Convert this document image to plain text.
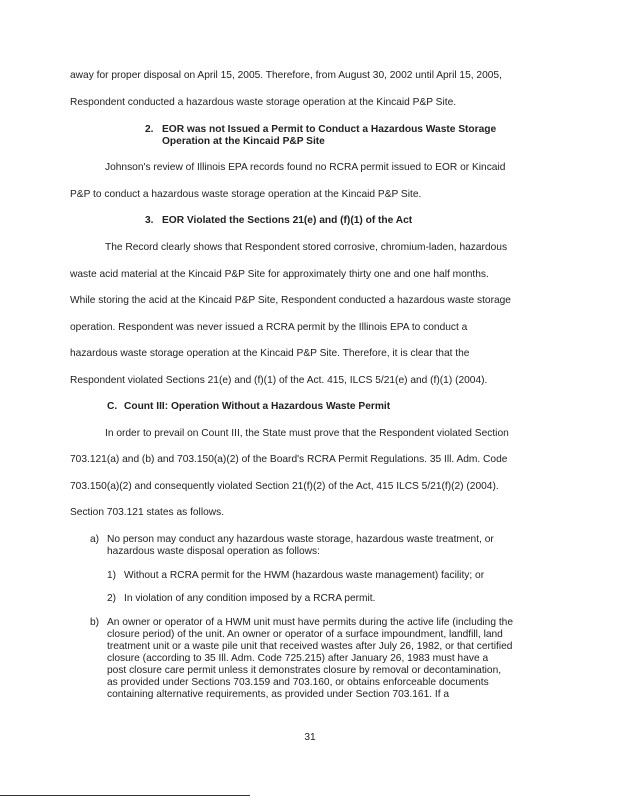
away for proper disposal on April 15, 2005. Therefore, from August 30, 2002 until April 15, 2005,

Respondent conducted a hazardous waste storage operation at the Kincaid P&P Site.

2. EOR was not Issued a Permit to Conduct a Hazardous Waste Storage

Operation at the Kincaid P&P Site

Johnson's review of Illinois EPA records found no RCRA permit issued to EOR or Kincaid

P&P to conduct a hazardous waste storage operation at the Kincaid P&P Site.

3. EOR Violated the Sections 21(e) and (f)(1) of the Act

The Record clearly shows that Respondent stored corrosive, chromium-laden, hazardous

waste acid material at the Kincaid P&P Site for approximately thirty one and one half months.

While storing the acid at the Kincaid P&P Site, Respondent conducted a hazardous waste storage

operation. Respondent was never issued a RCRA permit by the Illinois EPA to conduct a

hazardous waste storage operation at the Kincaid P&P Site. Therefore, it is clear that the

Respondent violated Sections 21(e) and (f)(1) of the Act. 415, ILCS 5/21(e) and (f)(1) (2004).

C. Count III: Operation Without a Hazardous Waste Permit

In order to prevail on Count III, the State must prove that the Respondent violated Section

703.121(a) and (b) and 703.150(a)(2) of the Board's RCRA Permit Regulations. 35 Ill. Adm. Code

703.150(a)(2) and consequently violated Section 21(f)(2) of the Act, 415 ILCS 5/21(f)(2) (2004).

Section 703.121 states as follows.

a) No person may conduct any hazardous waste storage, hazardous waste treatment, or

hazardous waste disposal operation as follows:

1) Without a RCRA permit for the HWM (hazardous waste management) facility; or

2) In violation of any condition imposed by a RCRA permit.

b) An owner or operator of a HWM unit must have permits during the active life (including the

closure period) of the unit. An owner or operator of a surface impoundment, landfill, land

treatment unit or a waste pile unit that received wastes after July 26, 1982, or that certified

closure (according to 35 Ill. Adm. Code 725.215) after January 26, 1983 must have a

post closure care permit unless it demonstrates closure by removal or decontamination,

as provided under Sections 703.159 and 703.160, or obtains enforceable documents

containing alternative requirements, as provided under Section 703.161. If a

31
